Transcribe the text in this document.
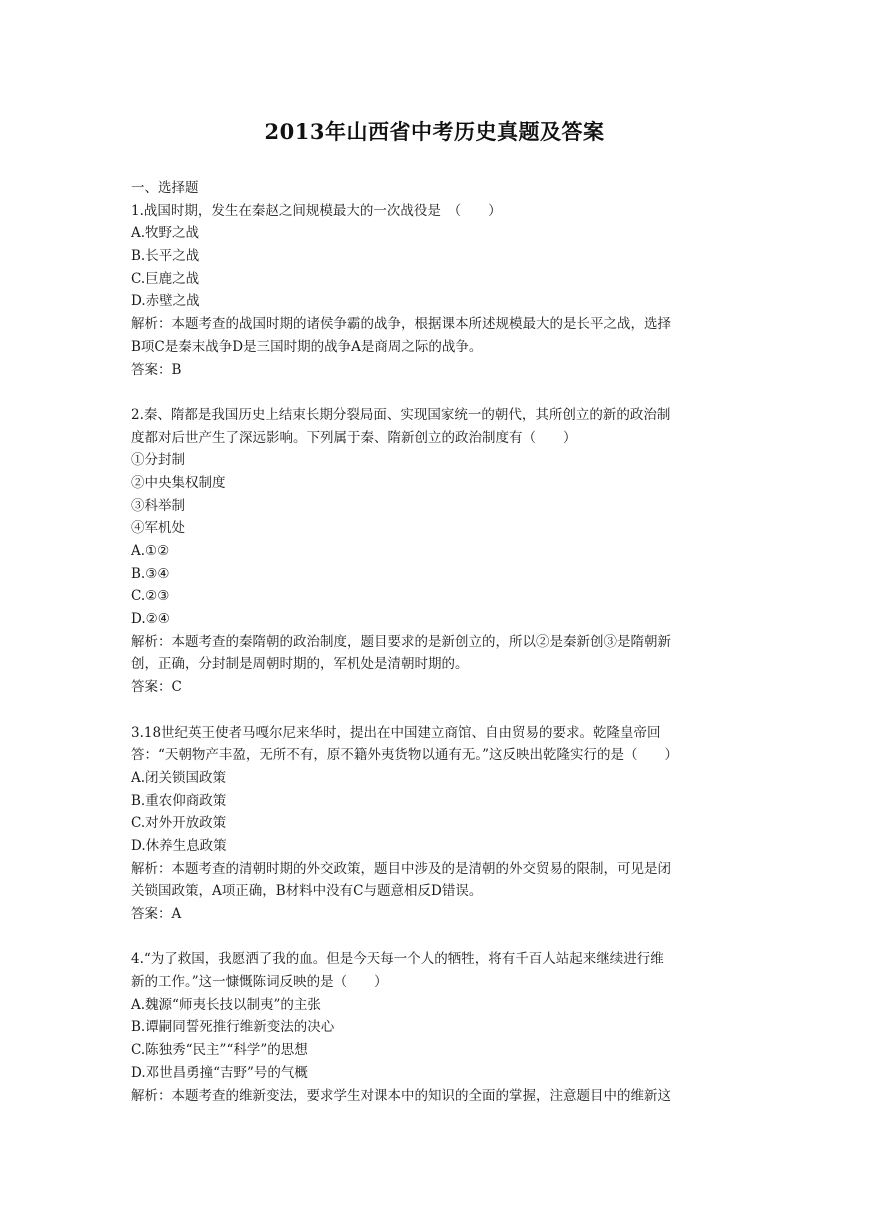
2013年山西省中考历史真题及答案
一、选择题
1.战国时期，发生在秦赵之间规模最大的一次战役是　（　　）
A.牧野之战
B.长平之战
C.巨鹿之战
D.赤壁之战
解析：本题考查的战国时期的诸侯争霸的战争，根据课本所述规模最大的是长平之战，选择
B项C是秦末战争D是三国时期的战争A是商周之际的战争。
答案：B
2.秦、隋都是我国历史上结束长期分裂局面、实现国家统一的朝代，其所创立的新的政治制
度都对后世产生了深远影响。下列属于秦、隋新创立的政治制度有（　　）
①分封制
②中央集权制度
③科举制
④军机处
A.①②
B.③④
C.②③
D.②④
解析：本题考查的秦隋朝的政治制度，题目要求的是新创立的，所以②是秦新创③是隋朝新
创，正确，分封制是周朝时期的，军机处是清朝时期的。
答案：C
3.18世纪英王使者马嘎尔尼来华时，提出在中国建立商馆、自由贸易的要求。乾隆皇帝回
答：“天朝物产丰盈，无所不有，原不籍外夷货物以通有无。”这反映出乾隆实行的是（　　）
A.闭关锁国政策
B.重农仰商政策
C.对外开放政策
D.休养生息政策
解析：本题考查的清朝时期的外交政策，题目中涉及的是清朝的外交贸易的限制，可见是闭
关锁国政策，A项正确，B材料中没有C与题意相反D错误。
答案：A
4.“为了救国，我愿洒了我的血。但是今天每一个人的牺牲，将有千百人站起来继续进行维
新的工作。”这一慷慨陈词反映的是（　　）
A.魏源“师夷长技以制夷”的主张
B.谭嗣同誓死推行维新变法的决心
C.陈独秀“民主”“科学”的思想
D.邓世昌勇撞“吉野”号的气概
解析：本题考查的维新变法，要求学生对课本中的知识的全面的掌握，注意题目中的维新这
